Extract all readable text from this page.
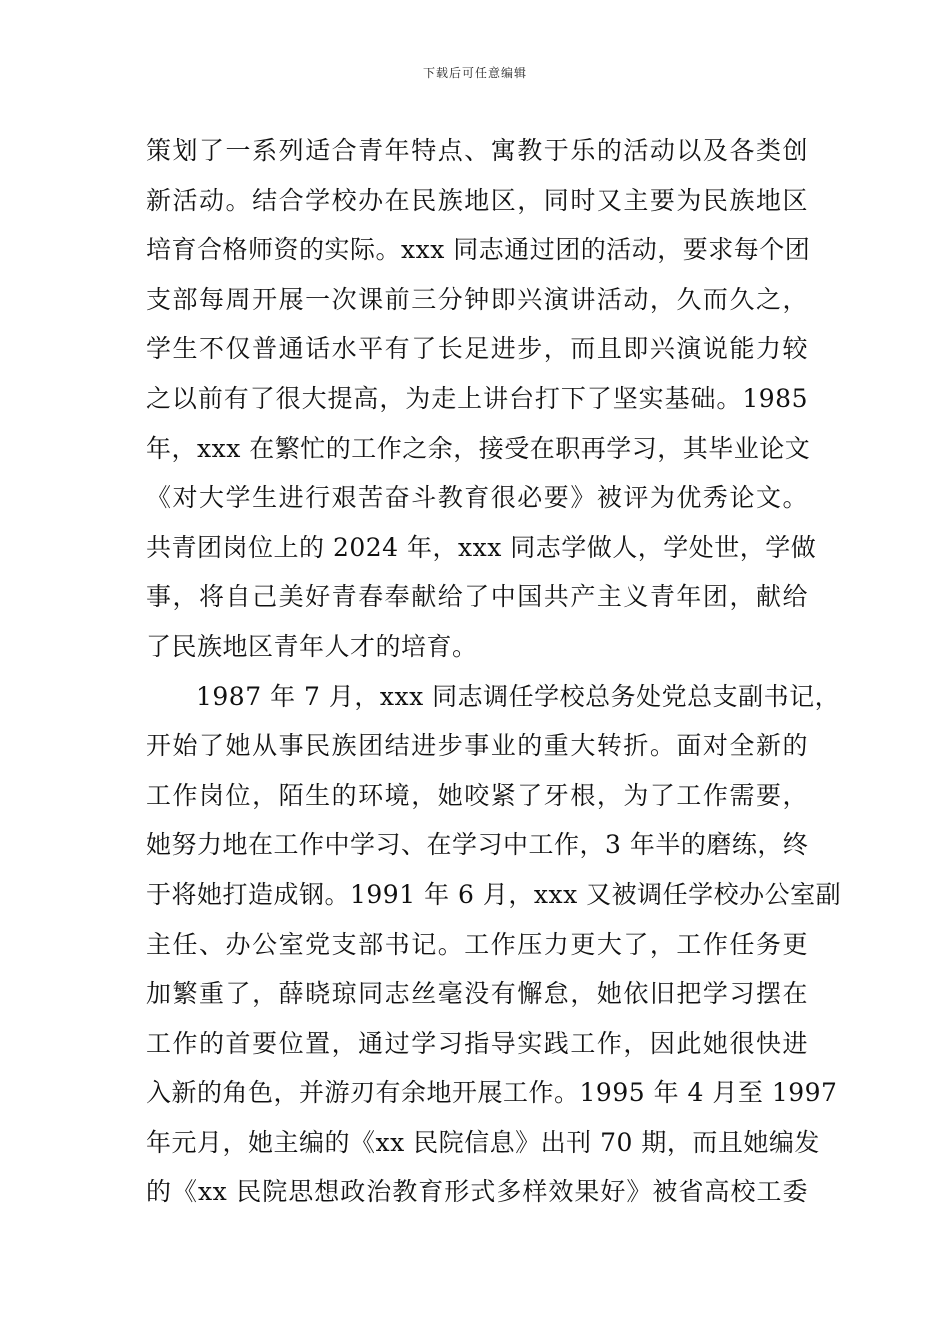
下载后可任意编辑
策划了一系列适合青年特点、寓教于乐的活动以及各类创
新活动。结合学校办在民族地区，同时又主要为民族地区
培育合格师资的实际。xxx 同志通过团的活动，要求每个团
支部每周开展一次课前三分钟即兴演讲活动，久而久之，
学生不仅普通话水平有了长足进步，而且即兴演说能力较
之以前有了很大提高，为走上讲台打下了坚实基础。1985
年，xxx 在繁忙的工作之余，接受在职再学习，其毕业论文
《对大学生进行艰苦奋斗教育很必要》被评为优秀论文。
共青团岗位上的 2024 年，xxx 同志学做人，学处世，学做
事，将自己美好青春奉献给了中国共产主义青年团，献给
了民族地区青年人才的培育。
1987 年 7 月，xxx 同志调任学校总务处党总支副书记，
开始了她从事民族团结进步事业的重大转折。面对全新的
工作岗位，陌生的环境，她咬紧了牙根，为了工作需要，
她努力地在工作中学习、在学习中工作，3 年半的磨练，终
于将她打造成钢。1991 年 6 月，xxx 又被调任学校办公室副
主任、办公室党支部书记。工作压力更大了，工作任务更
加繁重了，薛晓琼同志丝毫没有懈怠，她依旧把学习摆在
工作的首要位置，通过学习指导实践工作，因此她很快进
入新的角色，并游刃有余地开展工作。1995 年 4 月至 1997
年元月，她主编的《xx 民院信息》出刊 70 期，而且她编发
的《xx 民院思想政治教育形式多样效果好》被省高校工委
